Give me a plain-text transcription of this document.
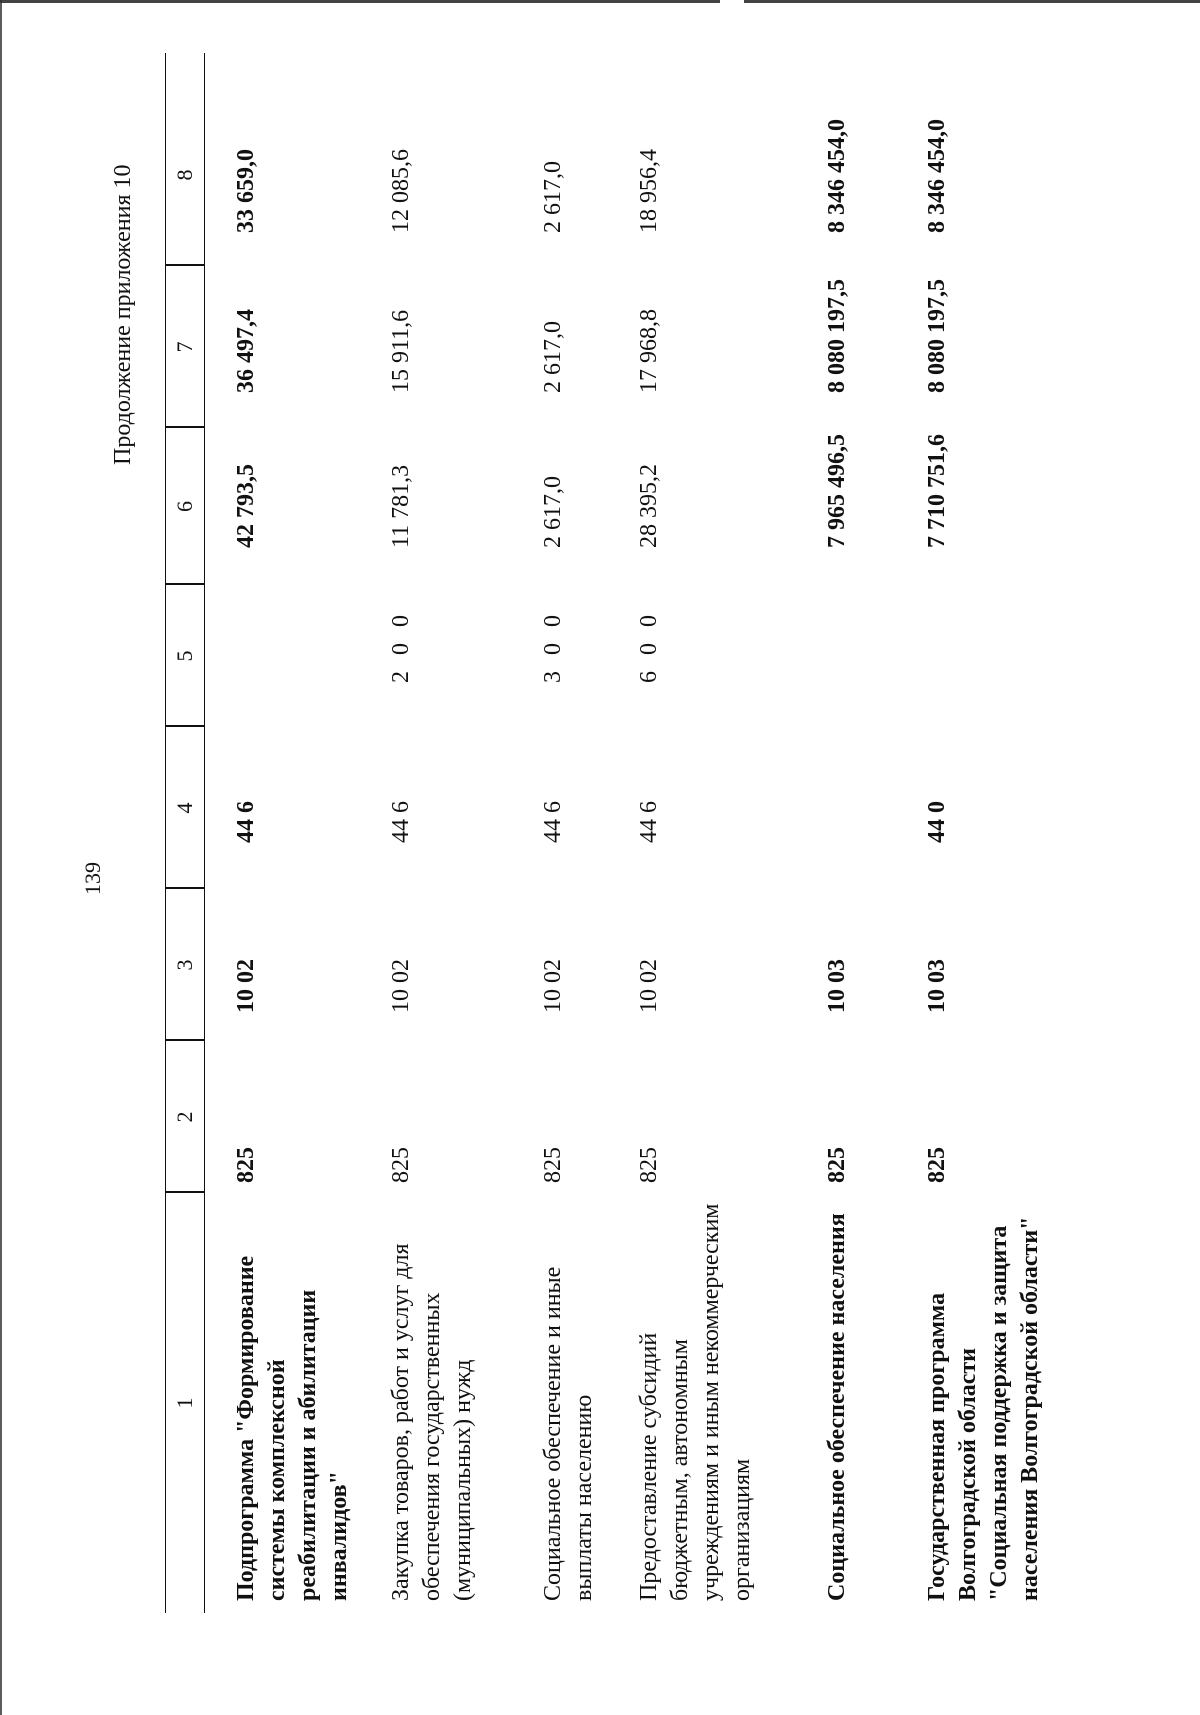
139
Продолжение приложения 10
1
2
3
4
5
6
7
8
Подпрограмма "Формирование системы комплексной реабилитации и абилитации инвалидов"
825
10 02
44 6
42 793,5
36 497,4
33 659,0
Закупка товаров, работ и услуг для обеспечения государственных (муниципальных) нужд
825
10 02
44 6
2 0 0
11 781,3
15 911,6
12 085,6
Социальное обеспечение и иные выплаты населению
825
10 02
44 6
3 0 0
2 617,0
2 617,0
2 617,0
Предоставление субсидий бюджетным, автономным учреждениям и иным некоммерческим организациям
825
10 02
44 6
6 0 0
28 395,2
17 968,8
18 956,4
Социальное обеспечение населения
825
10 03
7 965 496,5
8 080 197,5
8 346 454,0
Государственная программа Волгоградской области "Социальная поддержка и защита населения Волгоградской области"
825
10 03
44 0
7 710 751,6
8 080 197,5
8 346 454,0
